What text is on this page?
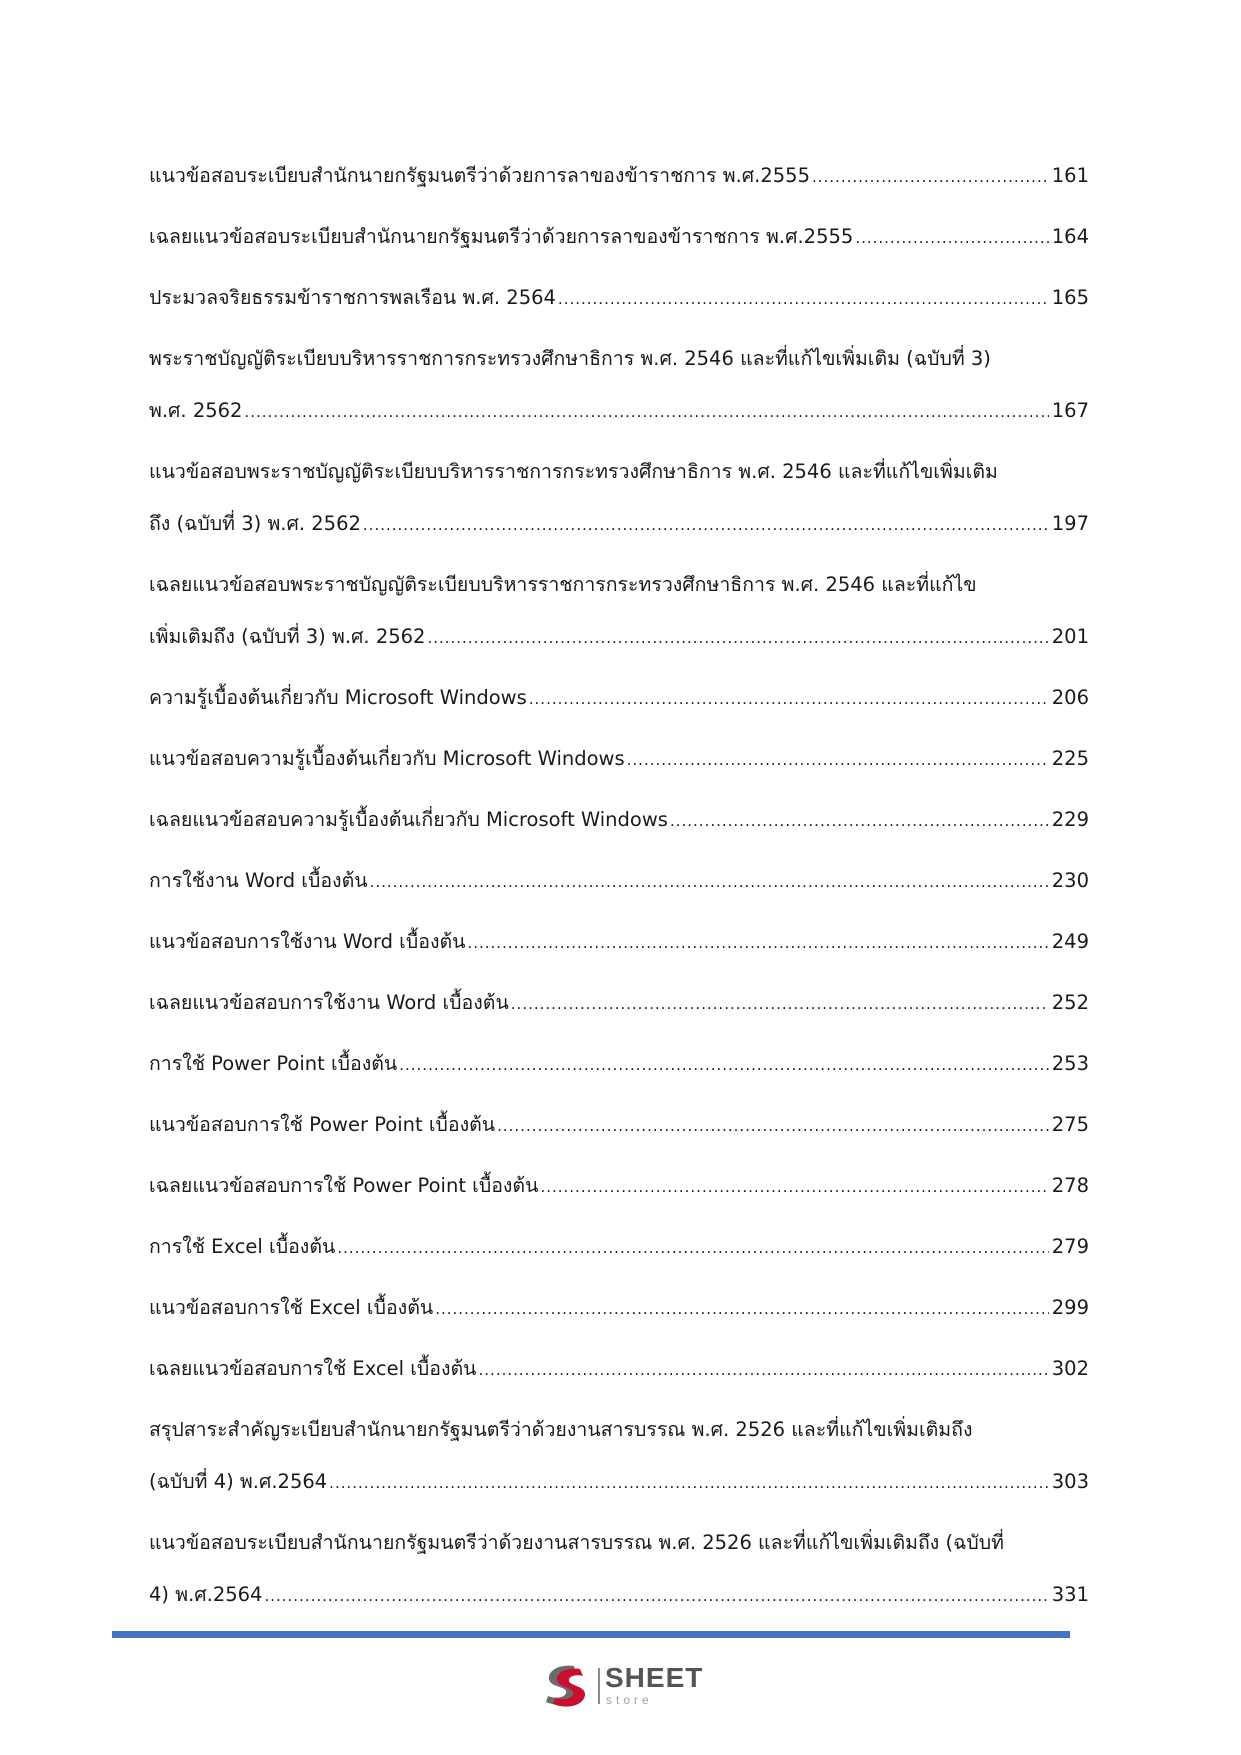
แนวข้อสอบระเบียบสำนักนายกรัฐมนตรีว่าด้วยการลาของข้าราชการ พ.ศ.2555 .....	161
เฉลยแนวข้อสอบระเบียบสำนักนายกรัฐมนตรีว่าด้วยการลาของข้าราชการ พ.ศ.2555 .....	164
ประมวลจริยธรรมข้าราชการพลเรือน พ.ศ. 2564 .....	165
พระราชบัญญัติระเบียบบริหารราชการกระทรวงศึกษาธิการ พ.ศ. 2546 และที่แก้ไขเพิ่มเติม (ฉบับที่ 3)
พ.ศ. 2562 .....	167
แนวข้อสอบพระราชบัญญัติระเบียบบริหารราชการกระทรวงศึกษาธิการ พ.ศ. 2546 และที่แก้ไขเพิ่มเติม
ถึง (ฉบับที่ 3) พ.ศ. 2562 .....	197
เฉลยแนวข้อสอบพระราชบัญญัติระเบียบบริหารราชการกระทรวงศึกษาธิการ พ.ศ. 2546 และที่แก้ไข
เพิ่มเติมถึง (ฉบับที่ 3) พ.ศ. 2562 .....	201
ความรู้เบื้องต้นเกี่ยวกับ Microsoft Windows .....	206
แนวข้อสอบความรู้เบื้องต้นเกี่ยวกับ Microsoft Windows .....	225
เฉลยแนวข้อสอบความรู้เบื้องต้นเกี่ยวกับ Microsoft Windows .....	229
การใช้งาน Word เบื้องต้น .....	230
แนวข้อสอบการใช้งาน Word เบื้องต้น .....	249
เฉลยแนวข้อสอบการใช้งาน Word เบื้องต้น .....	252
การใช้ Power Point เบื้องต้น .....	253
แนวข้อสอบการใช้ Power Point เบื้องต้น .....	275
เฉลยแนวข้อสอบการใช้ Power Point เบื้องต้น .....	278
การใช้ Excel เบื้องต้น .....	279
แนวข้อสอบการใช้ Excel เบื้องต้น .....	299
เฉลยแนวข้อสอบการใช้ Excel เบื้องต้น .....	302
สรุปสาระสำคัญระเบียบสำนักนายกรัฐมนตรีว่าด้วยงานสารบรรณ พ.ศ. 2526 และที่แก้ไขเพิ่มเติมถึง
(ฉบับที่ 4) พ.ศ.2564 .....	303
แนวข้อสอบระเบียบสำนักนายกรัฐมนตรีว่าด้วยงานสารบรรณ พ.ศ. 2526 และที่แก้ไขเพิ่มเติมถึง (ฉบับที่
4) พ.ศ.2564 .....	331
SHEET
store
